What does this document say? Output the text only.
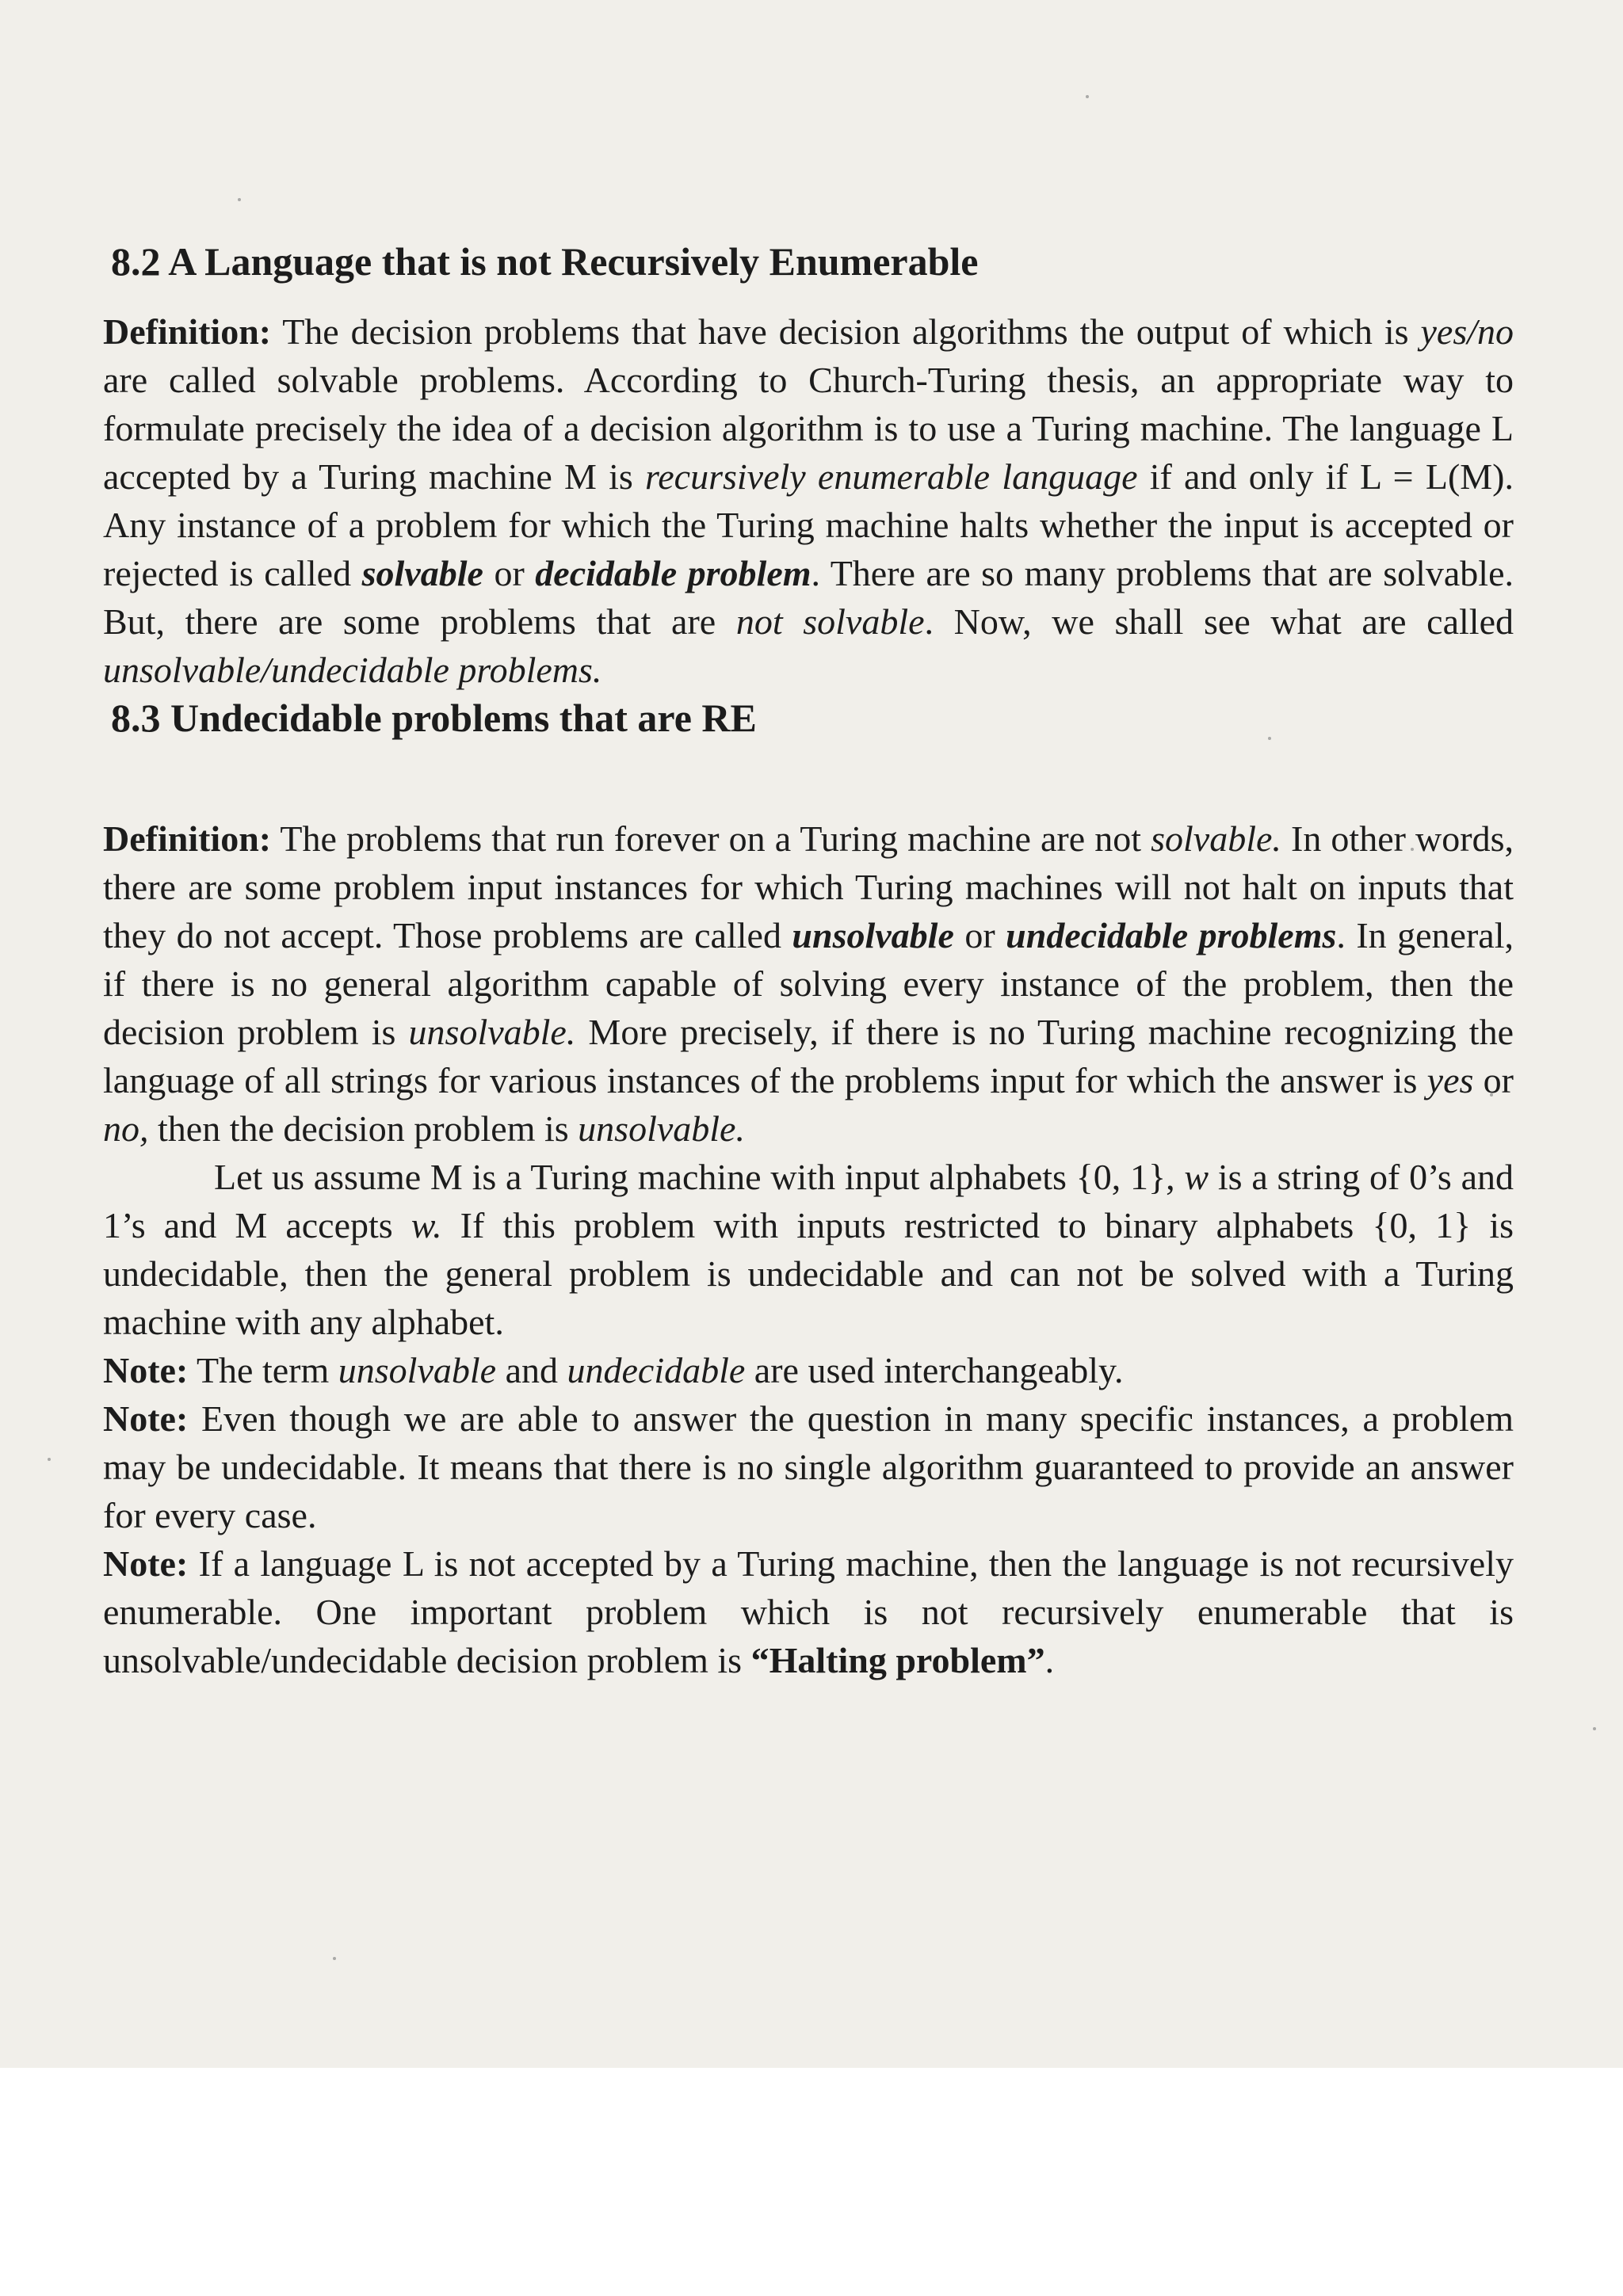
8.2 A Language that is not Recursively Enumerable

Definition: The decision problems that have decision algorithms the output of which is yes/no are called solvable problems. According to Church-Turing thesis, an appropriate way to formulate precisely the idea of a decision algorithm is to use a Turing machine. The language L accepted by a Turing machine M is recursively enumerable language if and only if L = L(M). Any instance of a problem for which the Turing machine halts whether the input is accepted or rejected is called solvable or decidable problem. There are so many problems that are solvable. But, there are some problems that are not solvable. Now, we shall see what are called unsolvable/undecidable problems.

8.3 Undecidable problems that are RE

Definition: The problems that run forever on a Turing machine are not solvable. In other words, there are some problem input instances for which Turing machines will not halt on inputs that they do not accept. Those problems are called unsolvable or undecidable problems. In general, if there is no general algorithm capable of solving every instance of the problem, then the decision problem is unsolvable. More precisely, if there is no Turing machine recognizing the language of all strings for various instances of the problems input for which the answer is yes or no, then the decision problem is unsolvable.

Let us assume M is a Turing machine with input alphabets {0, 1}, w is a string of 0’s and 1’s and M accepts w. If this problem with inputs restricted to binary alphabets {0, 1} is undecidable, then the general problem is undecidable and can not be solved with a Turing machine with any alphabet.

Note: The term unsolvable and undecidable are used interchangeably.

Note: Even though we are able to answer the question in many specific instances, a problem may be undecidable. It means that there is no single algorithm guaranteed to provide an answer for every case.

Note: If a language L is not accepted by a Turing machine, then the language is not recursively enumerable. One important problem which is not recursively enumerable that is unsolvable/undecidable decision problem is “Halting problem”.
